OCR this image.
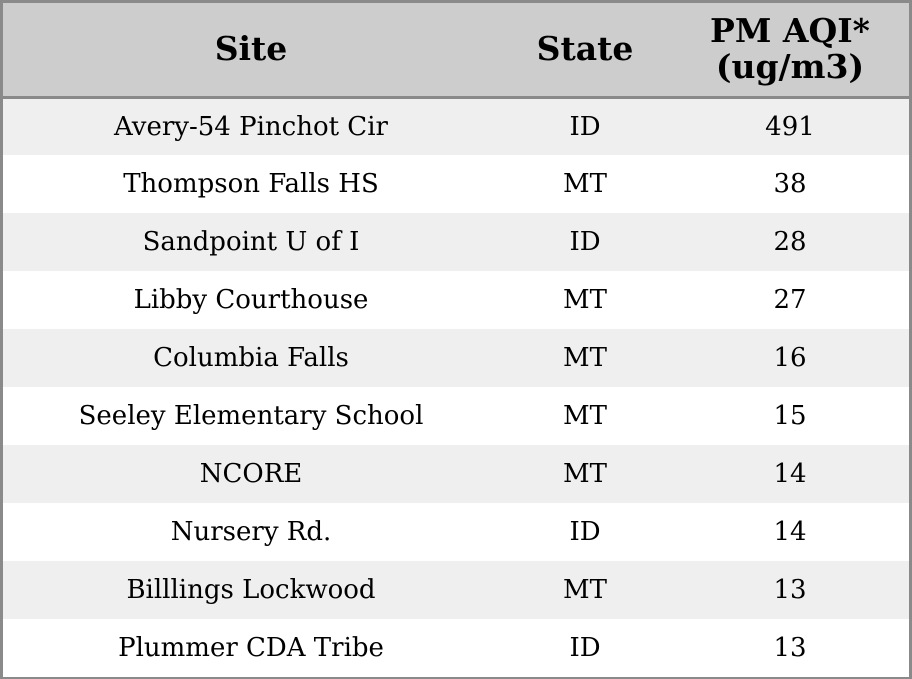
Site	State	PM AQI*
(ug/m3)

Avery-54 Pinchot Cir	ID	491
Thompson Falls HS	MT	38
Sandpoint U of I	ID	28
Libby Courthouse	MT	27
Columbia Falls	MT	16
Seeley Elementary School	MT	15
NCORE	MT	14
Nursery Rd.	ID	14
Billlings Lockwood	MT	13
Plummer CDA Tribe	ID	13
